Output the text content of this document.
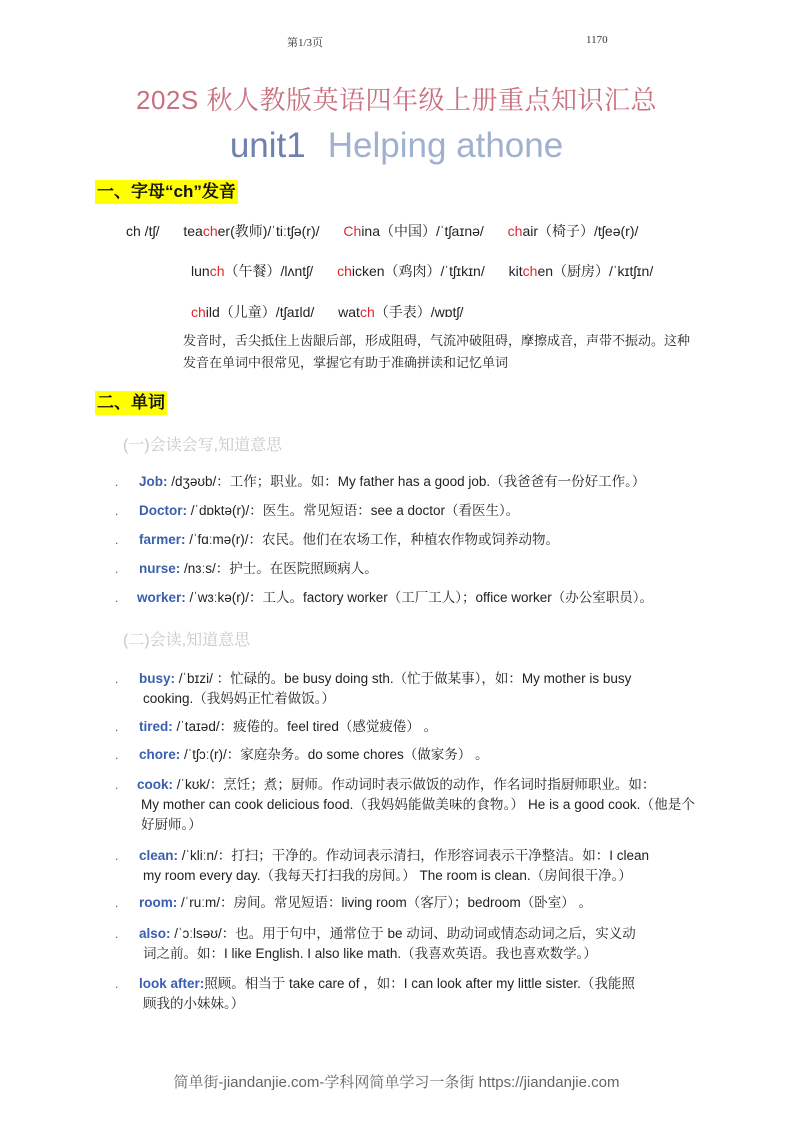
第1/3页	1170
202S 秋人教版英语四年级上册重点知识汇总
unit1 Helping athone
一、字母“ch”发音
ch /tʃ/ teacher(教师)/ˈtiːtʃə(r)/ China（中国）/ˈtʃaɪnə/ chair（椅子）/tʃeə(r)/
lunch（午餐）/lʌntʃ/ chicken（鸡肉）/ˈtʃɪkɪn/ kitchen（厨房）/ˈkɪtʃɪn/
child（儿童）/tʃaɪld/ watch（手表）/wɒtʃ/
发音时，舌尖抵住上齿龈后部，形成阻碍，气流冲破阻碍，摩擦成音，声带不振动。这种发音在单词中很常见，掌握它有助于准确拼读和记忆单词
二、单词
(一)会读会写,知道意思
. Job: /dʒəʊb/：工作；职业。如：My father has a good job.（我爸爸有一份好工作。）
. Doctor: /ˈdɒktə(r)/：医生。常见短语：see a doctor（看医生）。
. farmer: /ˈfɑːmə(r)/：农民。他们在农场工作，种植农作物或饲养动物。
. nurse: /nɜːs/：护士。在医院照顾病人。
. worker: /ˈwɜːkə(r)/：工人。factory worker（工厂工人）；office worker（办公室职员）。
(二)会读,知道意思
. busy: /ˈbɪzi/ ：忙碌的。be busy doing sth.（忙于做某事），如：My mother is busy
cooking.（我妈妈正忙着做饭。）
. tired: /ˈtaɪəd/：疲倦的。feel tired（感觉疲倦） 。
. chore: /ˈtʃɔː(r)/：家庭杂务。do some chores（做家务） 。
. cook: /ˈkʊk/：烹饪；煮；厨师。作动词时表示做饭的动作，作名词时指厨师职业。如：
My mother can cook delicious food.（我妈妈能做美味的食物。） He is a good cook.（他是个好厨师。）
. clean: /ˈkliːn/：打扫；干净的。作动词表示清扫，作形容词表示干净整洁。如：I clean
my room every day.（我每天打扫我的房间。） The room is clean.（房间很干净。）
. room: /ˈruːm/：房间。常见短语：living room（客厅）；bedroom（卧室） 。
. also: /ˈɔːlsəʊ/：也。用于句中，通常位于 be 动词、助动词或情态动词之后，实义动
词之前。如：I like English. I also like math.（我喜欢英语。我也喜欢数学。）
. look after:照顾。相当于 take care of ，如：I can look after my little sister.（我能照
顾我的小妹妹。）
简单街-jiandanjie.com-学科网简单学习一条街 https://jiandanjie.com
